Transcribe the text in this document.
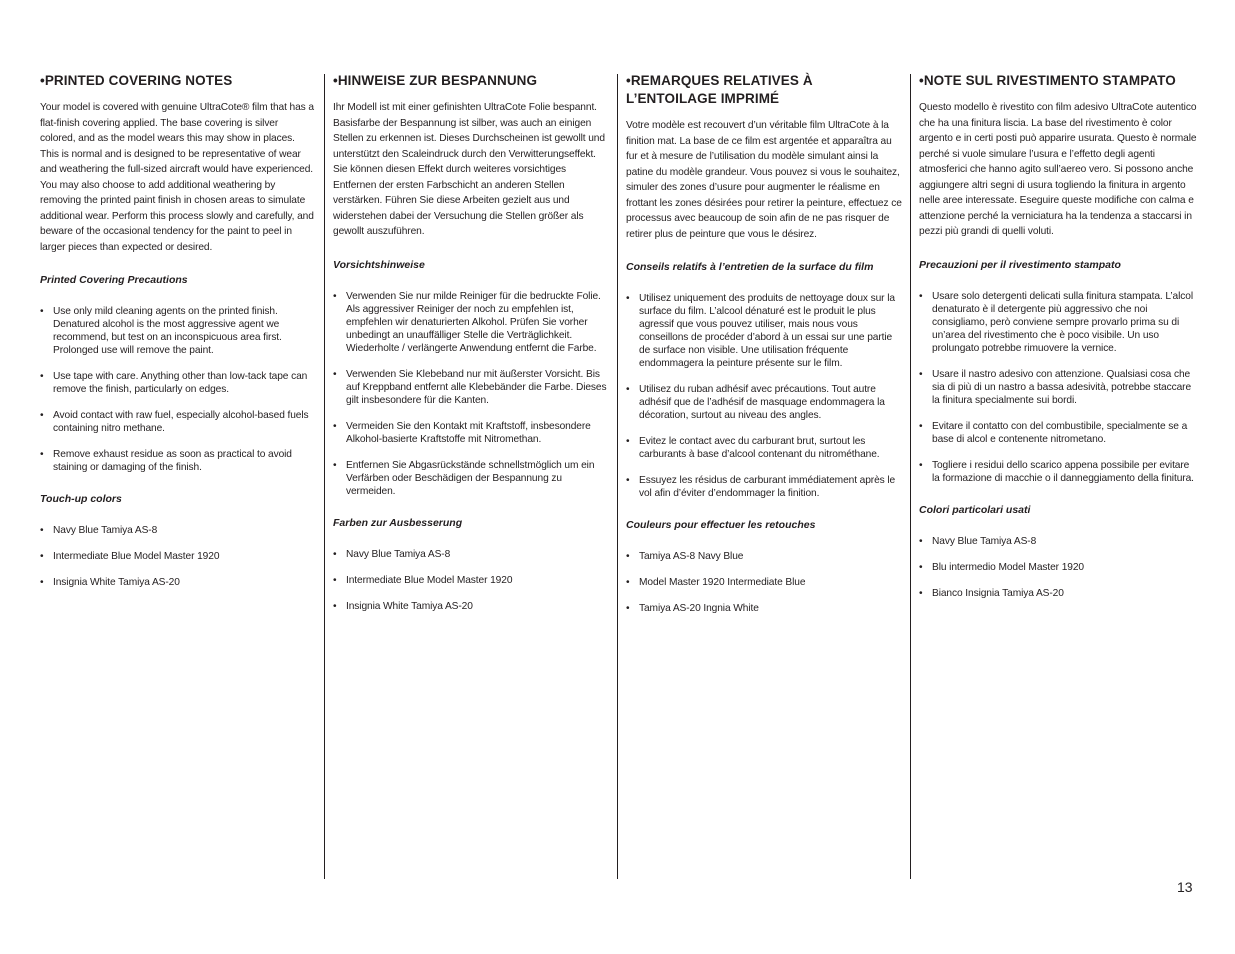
•PRINTED COVERING NOTES

Your model is covered with genuine UltraCote® film that has a flat-finish covering applied. The base covering is silver colored, and as the model wears this may show in places. This is normal and is designed to be representative of wear and weathering the full-sized aircraft would have experienced. You may also choose to add additional weathering by removing the printed paint finish in chosen areas to simulate additional wear. Perform this process slowly and carefully, and beware of the occasional tendency for the paint to peel in larger pieces than expected or desired.

Printed Covering Precautions
• Use only mild cleaning agents on the printed finish. Denatured alcohol is the most aggressive agent we recommend, but test on an inconspicuous area first. Prolonged use will remove the paint.
• Use tape with care. Anything other than low-tack tape can remove the finish, particularly on edges.
• Avoid contact with raw fuel, especially alcohol-based fuels containing nitro methane.
• Remove exhaust residue as soon as practical to avoid staining or damaging of the finish.
Touch-up colors
• Navy Blue Tamiya AS-8
• Intermediate Blue Model Master 1920
• Insignia White Tamiya AS-20
•HINWEISE ZUR BESPANNUNG

Ihr Modell ist mit einer gefinishten UltraCote Folie bespannt. Basisfarbe der Bespannung ist silber, was auch an einigen Stellen zu erkennen ist. Dieses Durchscheinen ist gewollt und unterstützt den Scaleindruck durch den Verwitterungseffekt. Sie können diesen Effekt durch weiteres vorsichtiges Entfernen der ersten Farbschicht an anderen Stellen verstärken. Führen Sie diese Arbeiten gezielt aus und widerstehen dabei der Versuchung die Stellen größer als gewollt auszuführen.

Vorsichtshinweise
• Verwenden Sie nur milde Reiniger für die bedruckte Folie. Als aggressiver Reiniger der noch zu empfehlen ist, empfehlen wir denaturierten Alkohol. Prüfen Sie vorher unbedingt an unauffälliger Stelle die Verträglichkeit. Wiederholte / verlängerte Anwendung entfernt die Farbe.
• Verwenden Sie Klebeband nur mit äußerster Vorsicht. Bis auf Kreppband entfernt alle Klebebänder die Farbe. Dieses gilt insbesondere für die Kanten.
• Vermeiden Sie den Kontakt mit Kraftstoff, insbesondere Alkohol-basierte Kraftstoffe mit Nitromethan.
• Entfernen Sie Abgasrückstände schnellstmöglich um ein Verfärben oder Beschädigen der Bespannung zu vermeiden.
Farben zur Ausbesserung
• Navy Blue Tamiya AS-8
• Intermediate Blue Model Master 1920
• Insignia White Tamiya AS-20
•REMARQUES RELATIVES À L’ENTOILAGE IMPRIMÉ

Votre modèle est recouvert d’un véritable film UltraCote à la finition mat. La base de ce film est argentée et apparaîtra au fur et à mesure de l’utilisation du modèle simulant ainsi la patine du modèle grandeur. Vous pouvez si vous le souhaitez, simuler des zones d’usure pour augmenter le réalisme en frottant les zones désirées pour retirer la peinture, effectuez ce processus avec beaucoup de soin afin de ne pas risquer de retirer plus de peinture que vous le désirez.

Conseils relatifs à l’entretien de la surface du film
• Utilisez uniquement des produits de nettoyage doux sur la surface du film. L’alcool dénaturé est le produit le plus agressif que vous pouvez utiliser, mais nous vous conseillons de procéder d’abord à un essai sur une partie de surface non visible. Une utilisation fréquente endommagera la peinture présente sur le film.
• Utilisez du ruban adhésif avec précautions. Tout autre adhésif que de l’adhésif de masquage endommagera la décoration, surtout au niveau des angles.
• Evitez le contact avec du carburant brut, surtout les carburants à base d’alcool contenant du nitrométhane.
• Essuyez les résidus de carburant immédiatement après le vol afin d’éviter d’endommager la finition.
Couleurs pour effectuer les retouches
• Tamiya AS-8 Navy Blue
• Model Master 1920 Intermediate Blue
• Tamiya AS-20 Ingnia White
•NOTE SUL RIVESTIMENTO STAMPATO

Questo modello è rivestito con film adesivo UltraCote autentico che ha una finitura liscia. La base del rivestimento è color argento e in certi posti può apparire usurata. Questo è normale perché si vuole simulare l’usura e l’effetto degli agenti atmosferici che hanno agito sull’aereo vero. Si possono anche aggiungere altri segni di usura togliendo la finitura in argento nelle aree interessate. Eseguire queste modifiche con calma e attenzione perché la verniciatura ha la tendenza a staccarsi in pezzi più grandi di quelli voluti.

Precauzioni per il rivestimento stampato
• Usare solo detergenti delicati sulla finitura stampata. L’alcol denaturato è il detergente più aggressivo che noi consigliamo, però conviene sempre provarlo prima su di un’area del rivestimento che è poco visibile. Un uso prolungato potrebbe rimuovere la vernice.
• Usare il nastro adesivo con attenzione. Qualsiasi cosa che sia di più di un nastro a bassa adesività, potrebbe staccare la finitura specialmente sui bordi.
• Evitare il contatto con del combustibile, specialmente se a base di alcol e contenente nitrometano.
• Togliere i residui dello scarico appena possibile per evitare la formazione di macchie o il danneggiamento della finitura.
Colori particolari usati
• Navy Blue Tamiya AS-8
• Blu intermedio Model Master 1920
• Bianco Insignia Tamiya AS-20
13
